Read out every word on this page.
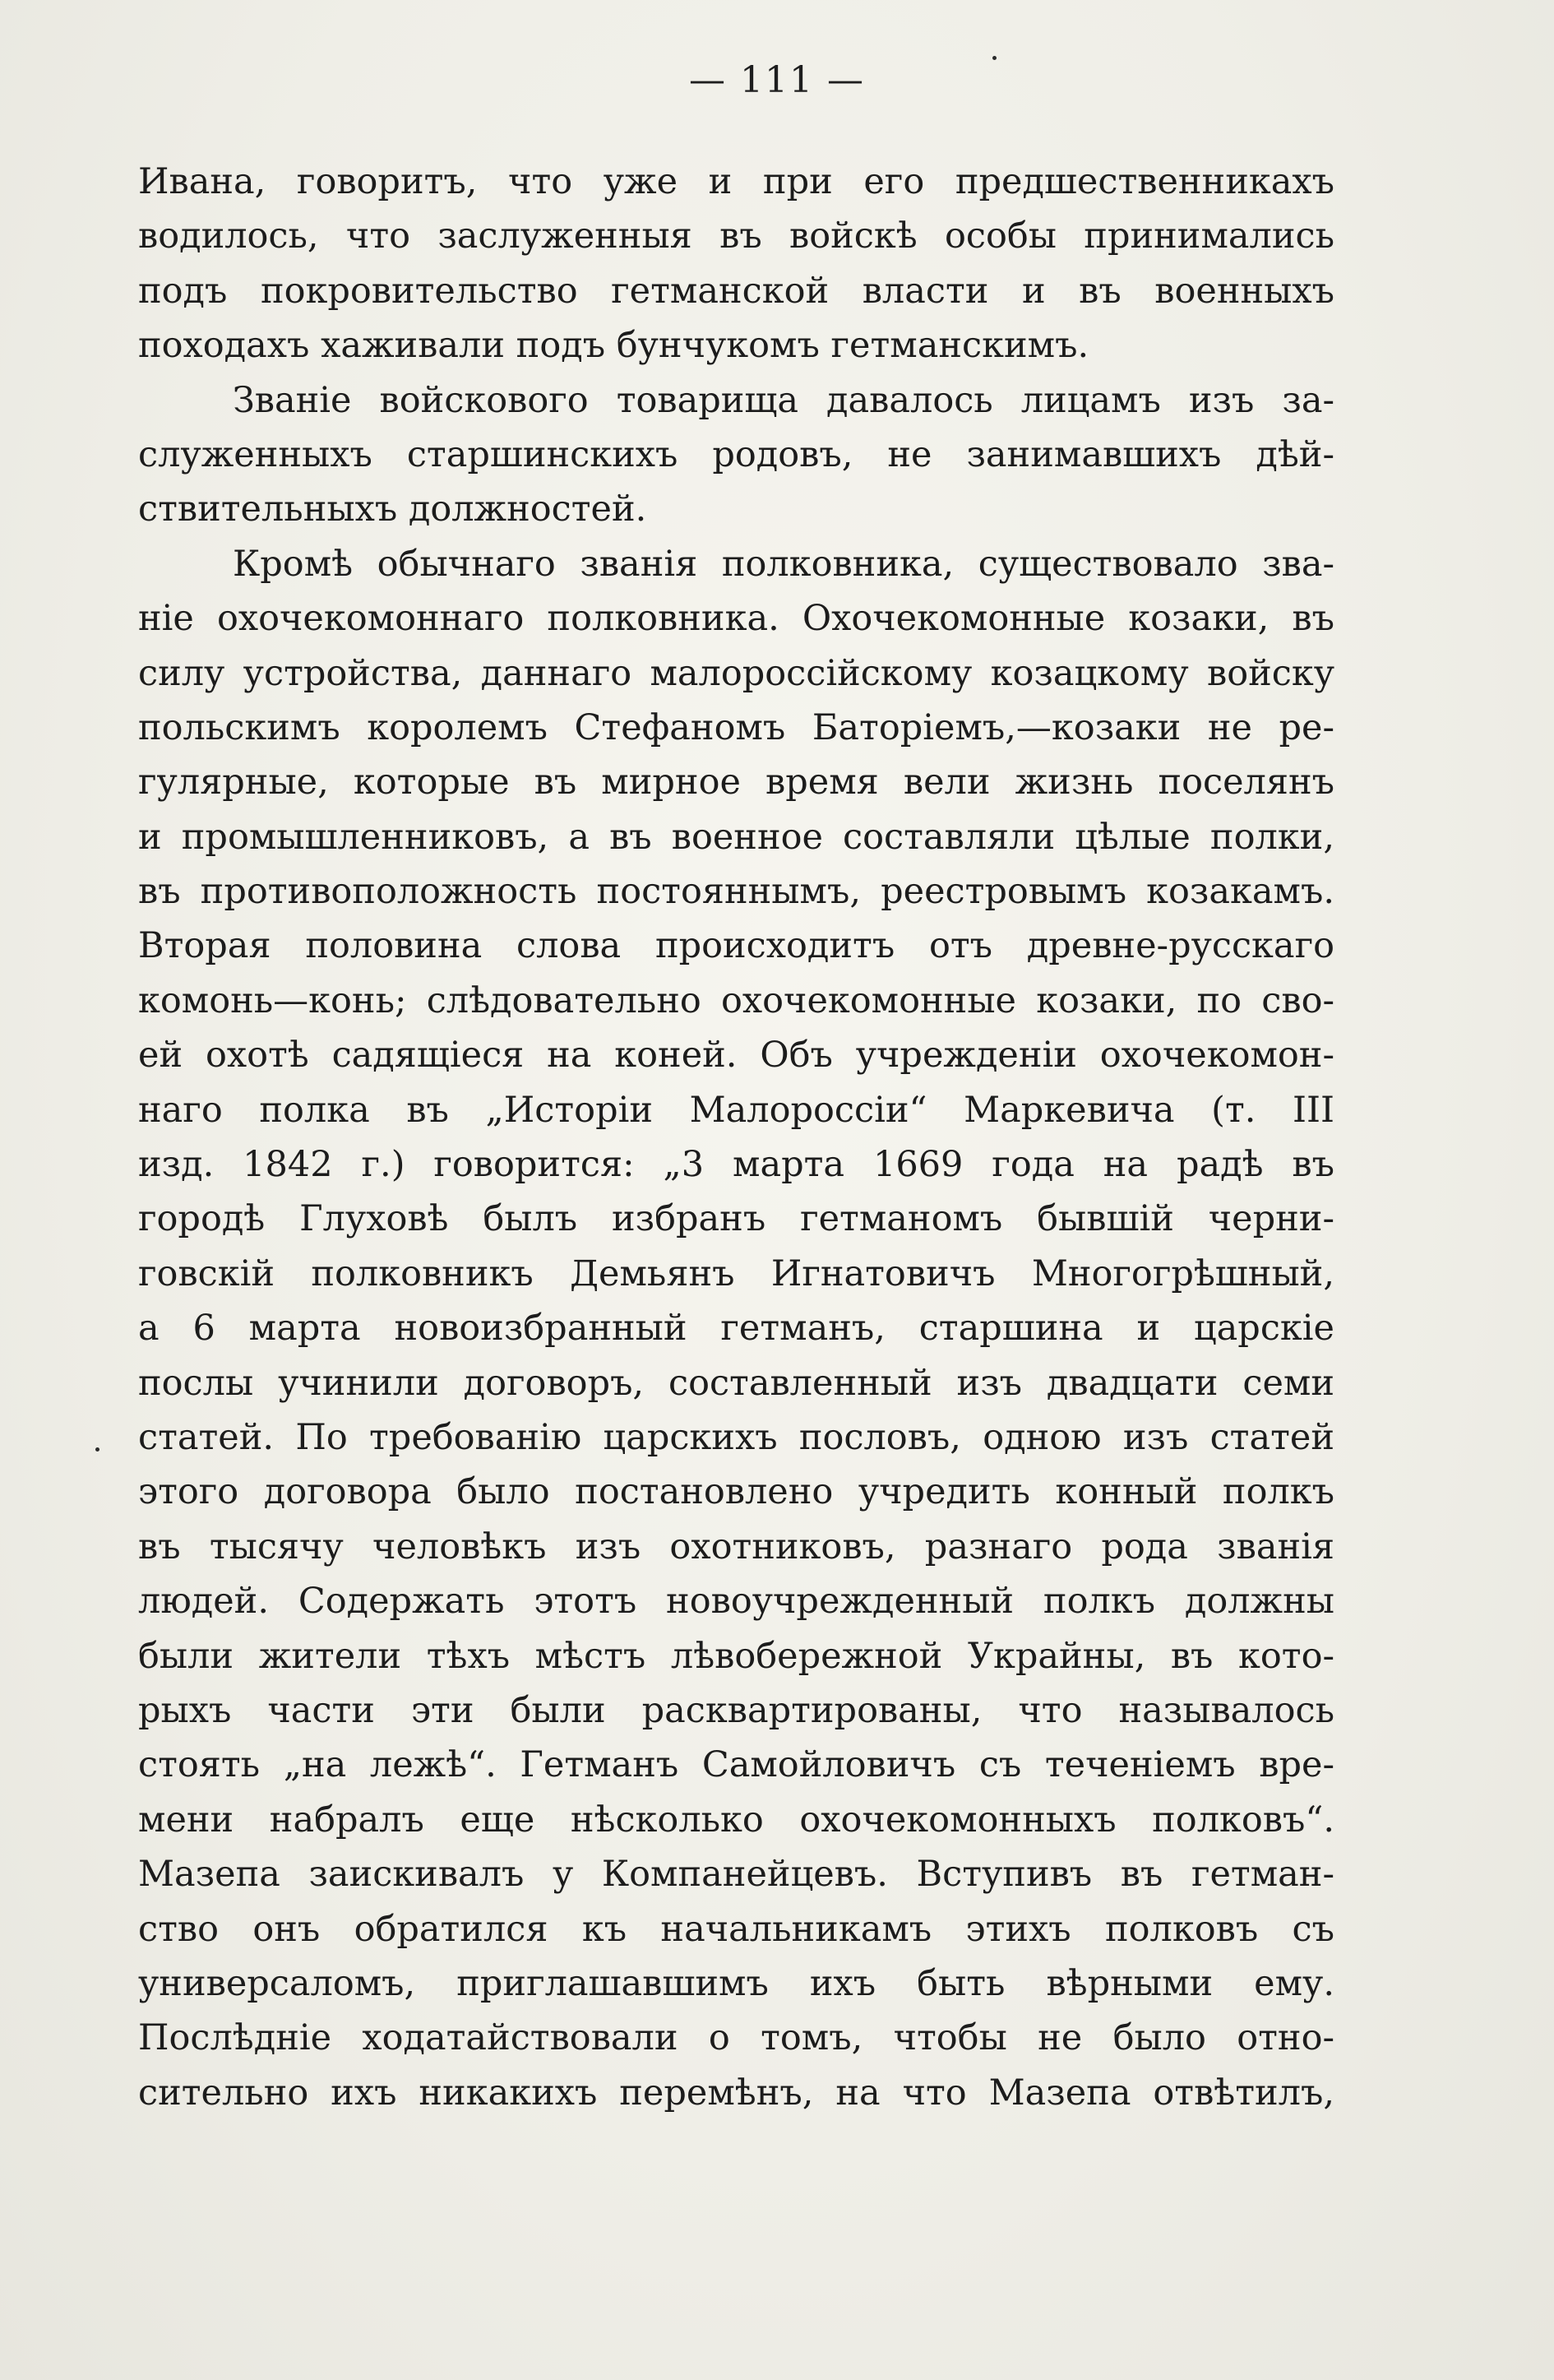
— 111 —
Ивана, говоритъ, что уже и при его предшественникахъ
водилось, что заслуженныя въ войскѣ особы принимались
подъ покровительство гетманской власти и въ военныхъ
походахъ хаживали подъ бунчукомъ гетманскимъ.
Званіе войскового товарища давалось лицамъ изъ за-
служенныхъ старшинскихъ родовъ, не занимавшихъ дѣй-
ствительныхъ должностей.
Кромѣ обычнаго званія полковника, существовало зва-
ніе охочекомоннаго полковника. Охочекомонные козаки, въ
силу устройства, даннаго малороссійскому козацкому войску
польскимъ королемъ Стефаномъ Баторіемъ,—козаки не ре-
гулярные, которые въ мирное время вели жизнь поселянъ
и промышленниковъ, а въ военное составляли цѣлые полки,
въ противоположность постояннымъ, реестровымъ козакамъ.
Вторая половина слова происходитъ отъ древне-русскаго
комонь—конь; слѣдовательно охочекомонные козаки, по сво-
ей охотѣ садящіеся на коней. Объ учрежденіи охочекомон-
наго полка въ „Исторіи Малороссіи“ Маркевича (т. III
изд. 1842 г.) говорится: „3 марта 1669 года на радѣ въ
городѣ Глуховѣ былъ избранъ гетманомъ бывшій черни-
говскій полковникъ Демьянъ Игнатовичъ Многогрѣшный,
а 6 марта новоизбранный гетманъ, старшина и царскіе
послы учинили договоръ, составленный изъ двадцати семи
статей. По требованію царскихъ пословъ, одною изъ статей
этого договора было постановлено учредить конный полкъ
въ тысячу человѣкъ изъ охотниковъ, разнаго рода званія
людей. Содержать этотъ новоучрежденный полкъ должны
были жители тѣхъ мѣстъ лѣвобережной Украйны, въ кото-
рыхъ части эти были расквартированы, что называлось
стоять „на лежѣ“. Гетманъ Самойловичъ съ теченіемъ вре-
мени набралъ еще нѣсколько охочекомонныхъ полковъ“.
Мазепа заискивалъ у Компанейцевъ. Вступивъ въ гетман-
ство онъ обратился къ начальникамъ этихъ полковъ съ
универсаломъ, приглашавшимъ ихъ быть вѣрными ему.
Послѣдніе ходатайствовали о томъ, чтобы не было отно-
сительно ихъ никакихъ перемѣнъ, на что Мазепа отвѣтилъ,
